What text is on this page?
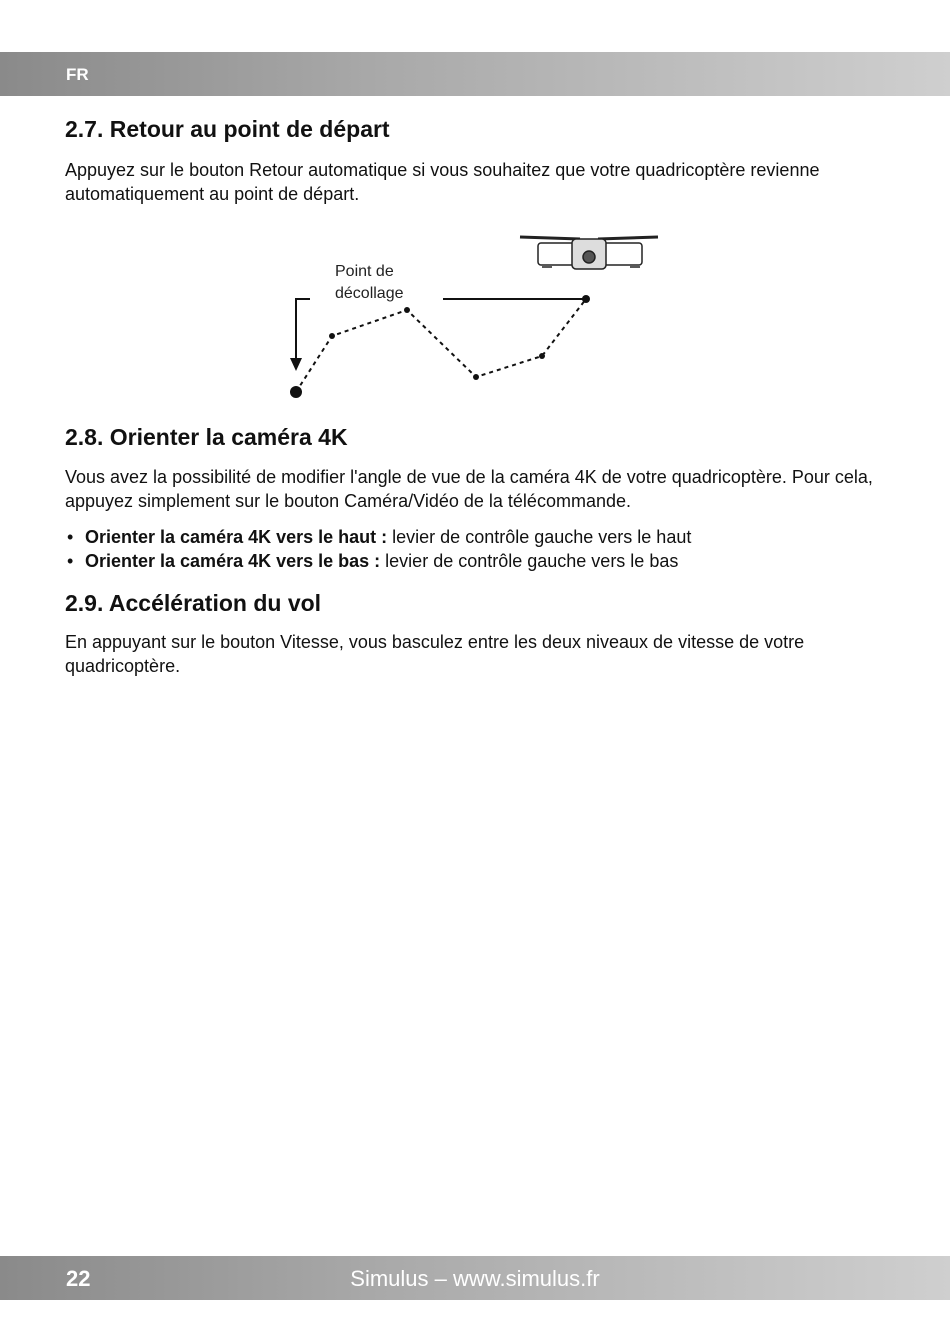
FR
2.7. Retour au point de départ

Appuyez sur le bouton Retour automatique si vous souhaitez que votre quadricoptère revienne automatiquement au point de départ.

Point de
décollage
2.8. Orienter la caméra 4K

Vous avez la possibilité de modifier l'angle de vue de la caméra 4K de votre quadricoptère. Pour cela, appuyez simplement sur le bouton Caméra/Vidéo de la télécommande.

• Orienter la caméra 4K vers le haut : levier de contrôle gauche vers le haut
• Orienter la caméra 4K vers le bas : levier de contrôle gauche vers le bas
2.9. Accélération du vol

En appuyant sur le bouton Vitesse, vous basculez entre les deux niveaux de vitesse de votre quadricoptère.

Simulus – www.simulus.fr
22
